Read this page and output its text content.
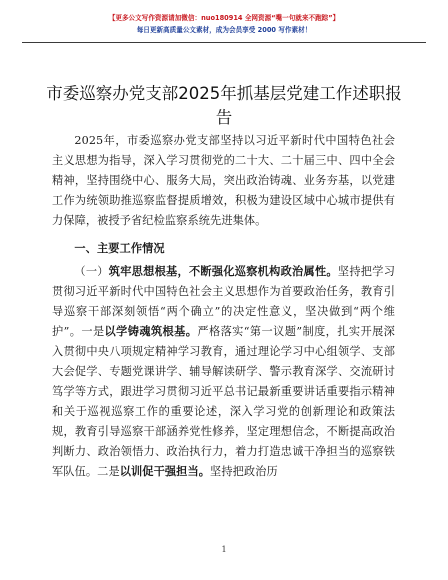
【更多公文写作资源请加微信：nuo180914 全网资源“嘴一句就来不跑踪”】
每日更新高质量公文素材，成为会员享受 2000 写作素材！
市委巡察办党支部2025年抓基层党建工作述职报告

2025年，市委巡察办党支部坚持以习近平新时代中国特色社会主义思想为指导，深入学习贯彻党的二十大、二十届三中、四中全会精神，坚持围绕中心、服务大局，突出政治铸魂、业务夯基，以党建工作为统领助推巡察监督提质增效，积极为建设区域中心城市提供有力保障，被授予省纪检监察系统先进集体。

一、主要工作情况

（一）筑牢思想根基，不断强化巡察机构政治属性。坚持把学习贯彻习近平新时代中国特色社会主义思想作为首要政治任务，教育引导巡察干部深刻领悟“两个确立”的决定性意义，坚决做到“两个维护”。一是以学铸魂筑根基。严格落实“第一议题”制度，扎实开展深入贯彻中央八项规定精神学习教育，通过理论学习中心组领学、支部大会促学、专题党课讲学、辅导解读研学、警示教育深学、交流研讨笃学等方式，跟进学习贯彻习近平总书记最新重要讲话重要指示精神和关于巡视巡察工作的重要论述，深入学习党的创新理论和政策法规，教育引导巡察干部涵养党性修养，坚定理想信念，不断提高政治判断力、政治领悟力、政治执行力，着力打造忠诚干净担当的巡察铁军队伍。二是以训促干强担当。坚持把政治历

1
